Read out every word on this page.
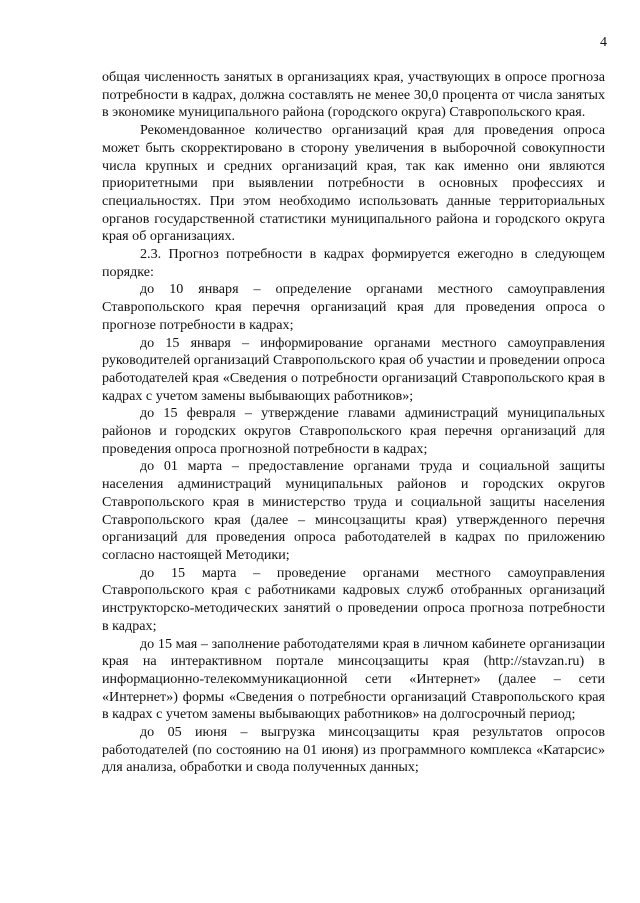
4

общая численность занятых в организациях края, участвующих в опросе прогноза потребности в кадрах, должна составлять не менее 30,0 процента от числа занятых в экономике муниципального района (городского округа) Ставропольского края.

Рекомендованное количество организаций края для проведения опроса может быть скорректировано в сторону увеличения в выборочной совокупности числа крупных и средних организаций края, так как именно они являются приоритетными при выявлении потребности в основных профессиях и специальностях. При этом необходимо использовать данные территориальных органов государственной статистики муниципального района и городского округа края об организациях.

2.3. Прогноз потребности в кадрах формируется ежегодно в следующем порядке:

до 10 января – определение органами местного самоуправления Ставропольского края перечня организаций края для проведения опроса о прогнозе потребности в кадрах;

до 15 января – информирование органами местного самоуправления руководителей организаций Ставропольского края об участии и проведении опроса работодателей края «Сведения о потребности организаций Ставропольского края в кадрах с учетом замены выбывающих работников»;

до 15 февраля – утверждение главами администраций муниципальных районов и городских округов Ставропольского края перечня организаций для проведения опроса прогнозной потребности в кадрах;

до 01 марта – предоставление органами труда и социальной защиты населения администраций муниципальных районов и городских округов Ставропольского края в министерство труда и социальной защиты населения Ставропольского края (далее – минсоцзащиты края) утвержденного перечня организаций для проведения опроса работодателей в кадрах по приложению согласно настоящей Методики;

до 15 марта – проведение органами местного самоуправления Ставропольского края с работниками кадровых служб отобранных организаций инструкторско-методических занятий о проведении опроса прогноза потребности в кадрах;

до 15 мая – заполнение работодателями края в личном кабинете организации края на интерактивном портале минсоцзащиты края (http://stavzan.ru) в информационно-телекоммуникационной сети «Интернет» (далее – сети «Интернет») формы «Сведения о потребности организаций Ставропольского края в кадрах с учетом замены выбывающих работников» на долгосрочный период;

до 05 июня – выгрузка минсоцзащиты края результатов опросов работодателей (по состоянию на 01 июня) из программного комплекса «Катарсис» для анализа, обработки и свода полученных данных;
